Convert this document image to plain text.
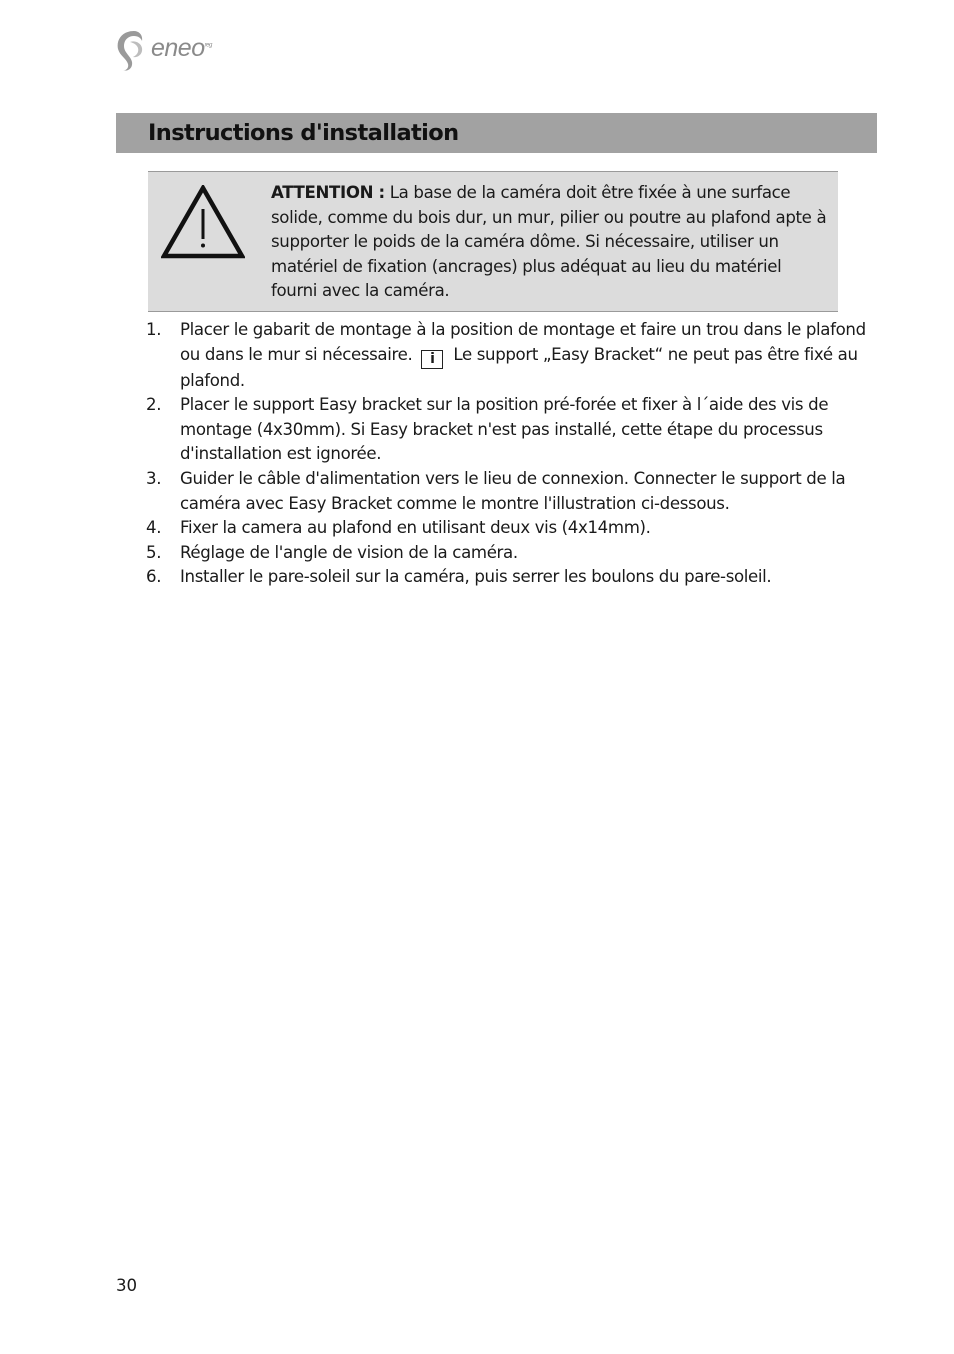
eneo$^{reg}$
Instructions d'installation
ATTENTION : La base de la caméra doit être fixée à une surface solide, comme du bois dur, un mur, pilier ou poutre au plafond apte à supporter le poids de la caméra dôme. Si nécessaire, utiliser un matériel de fixation (ancrages) plus adéquat au lieu du matériel fourni avec la caméra.
1.	Placer le gabarit de montage à la position de montage et faire un trou dans le plafond ou dans le mur si nécessaire. i Le support „Easy Bracket“ ne peut pas être fixé au plafond.
2.	Placer le support Easy bracket sur la position pré-forée et fixer à l´aide des vis de montage (4x30mm). Si Easy bracket n'est pas installé, cette étape du processus d'installation est ignorée.
3.	Guider le câble d'alimentation vers le lieu de connexion. Connecter le support de la caméra avec Easy Bracket comme le montre l'illustration ci-dessous.
4.	Fixer la camera au plafond en utilisant deux vis (4x14mm).
5.	Réglage de l'angle de vision de la caméra.
6.	Installer le pare-soleil sur la caméra, puis serrer les boulons du pare-soleil.
30
